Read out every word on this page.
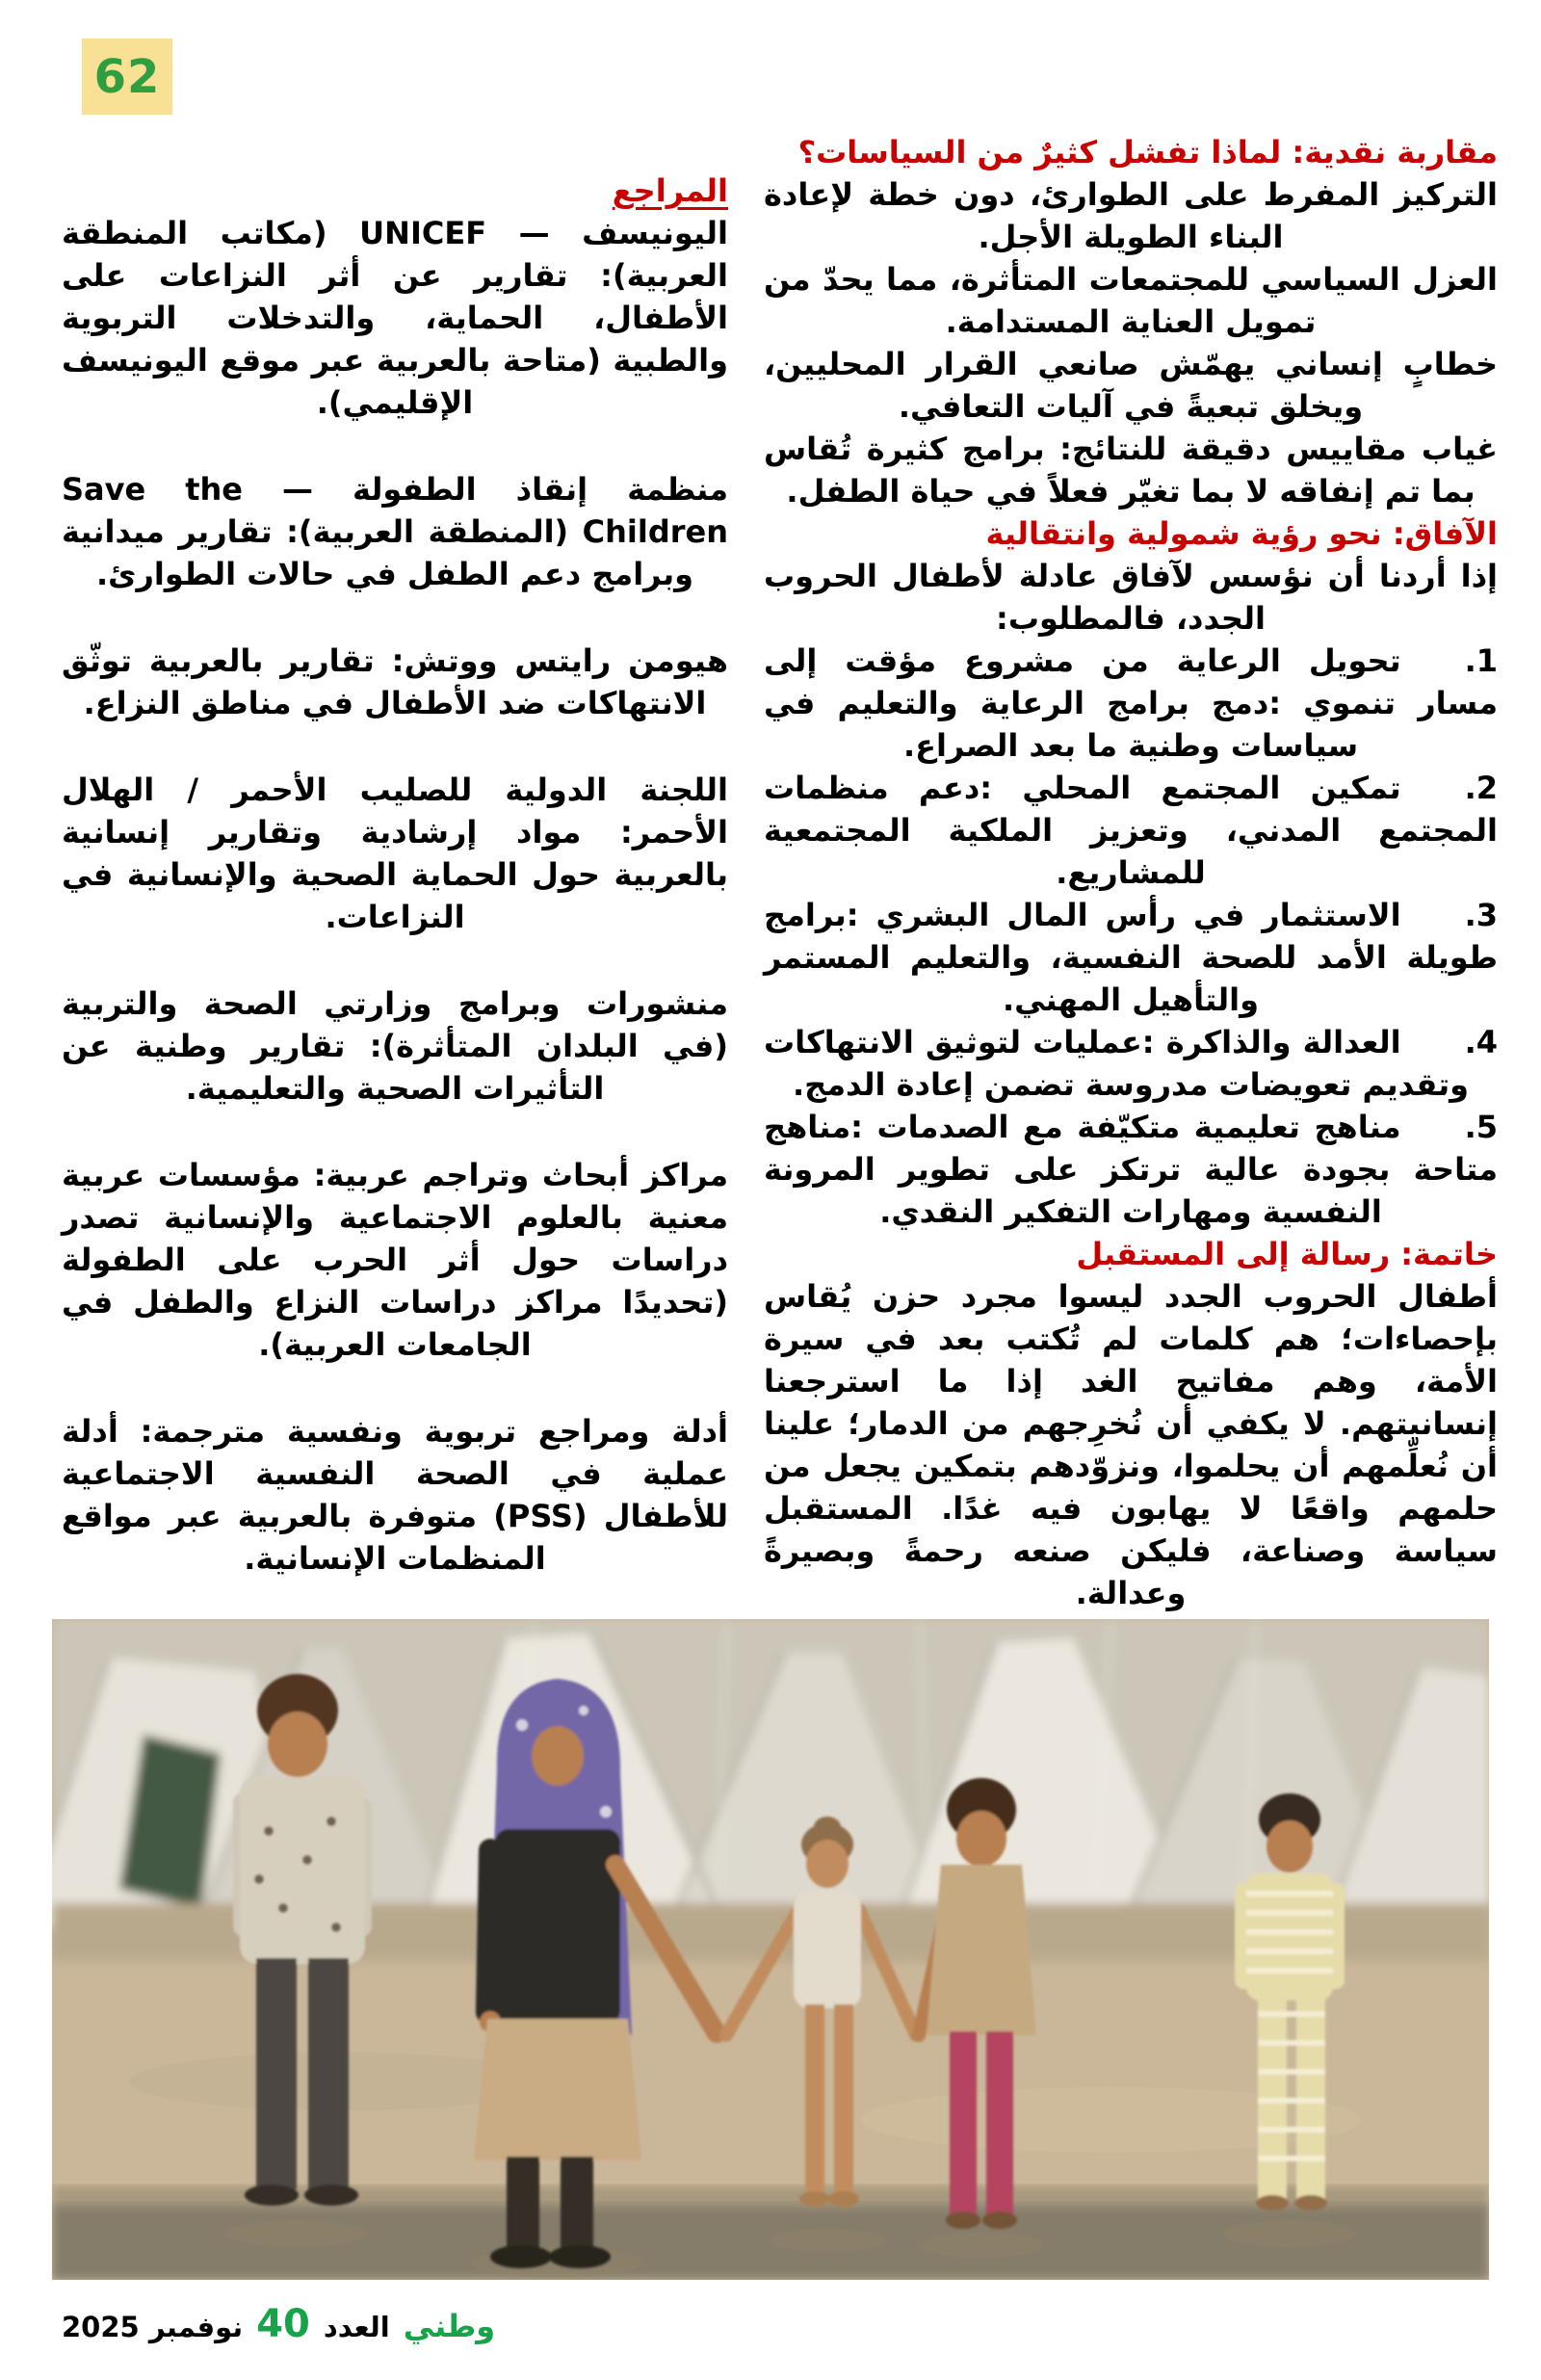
62

مقاربة نقدية: لماذا تفشل كثيرٌ من السياسات؟

التركيز المفرط على الطوارئ، دون خطة لإعادة البناء الطويلة الأجل.

العزل السياسي للمجتمعات المتأثرة، مما يحدّ من تمويل العناية المستدامة.

خطابٍ إنساني يهمّش صانعي القرار المحليين، ويخلق تبعيةً في آليات التعافي.

غياب مقاييس دقيقة للنتائج: برامج كثيرة تُقاس بما تم إنفاقه لا بما تغيّر فعلاً في حياة الطفل.

الآفاق: نحو رؤية شمولية وانتقالية

إذا أردنا أن نؤسس لآفاق عادلة لأطفال الحروب الجدد، فالمطلوب:

1.تحويل الرعاية من مشروع مؤقت إلى مسار تنموي :دمج برامج الرعاية والتعليم في سياسات وطنية ما بعد الصراع.

2.تمكين المجتمع المحلي :دعم منظمات المجتمع المدني، وتعزيز الملكية المجتمعية للمشاريع.

3.الاستثمار في رأس المال البشري :برامج طويلة الأمد للصحة النفسية، والتعليم المستمر والتأهيل المهني.

4.العدالة والذاكرة :عمليات لتوثيق الانتهاكات وتقديم تعويضات مدروسة تضمن إعادة الدمج.

5.مناهج تعليمية متكيّفة مع الصدمات :مناهج متاحة بجودة عالية ترتكز على تطوير المرونة النفسية ومهارات التفكير النقدي.

خاتمة: رسالة إلى المستقبل

أطفال الحروب الجدد ليسوا مجرد حزن يُقاس بإحصاءات؛ هم كلمات لم تُكتب بعد في سيرة الأمة، وهم مفاتيح الغد إذا ما استرجعنا إنسانيتهم. لا يكفي أن نُخرِجهم من الدمار؛ علينا أن نُعلِّمهم أن يحلموا، ونزوّدهم بتمكين يجعل من حلمهم واقعًا لا يهابون فيه غدًا. المستقبل سياسة وصناعة، فليكن صنعه رحمةً وبصيرةً وعدالة.

المراجع

اليونيسف — UNICEF (مكاتب المنطقة العربية): تقارير عن أثر النزاعات على الأطفال، الحماية، والتدخلات التربوية والطبية (متاحة بالعربية عبر موقع اليونيسف الإقليمي).

منظمة إنقاذ الطفولة — Save the Children (المنطقة العربية): تقارير ميدانية وبرامج دعم الطفل في حالات الطوارئ.

هيومن رايتس ووتش: تقارير بالعربية توثّق الانتهاكات ضد الأطفال في مناطق النزاع.

اللجنة الدولية للصليب الأحمر / الهلال الأحمر: مواد إرشادية وتقارير إنسانية بالعربية حول الحماية الصحية والإنسانية في النزاعات.

منشورات وبرامج وزارتي الصحة والتربية (في البلدان المتأثرة): تقارير وطنية عن التأثيرات الصحية والتعليمية.

مراكز أبحاث وتراجم عربية: مؤسسات عربية معنية بالعلوم الاجتماعية والإنسانية تصدر دراسات حول أثر الحرب على الطفولة (تحديدًا مراكز دراسات النزاع والطفل في الجامعات العربية).

أدلة ومراجع تربوية ونفسية مترجمة: أدلة عملية في الصحة النفسية الاجتماعية للأطفال (PSS) متوفرة بالعربية عبر مواقع المنظمات الإنسانية.

وطني
العدد
40
نوفمبر 2025
